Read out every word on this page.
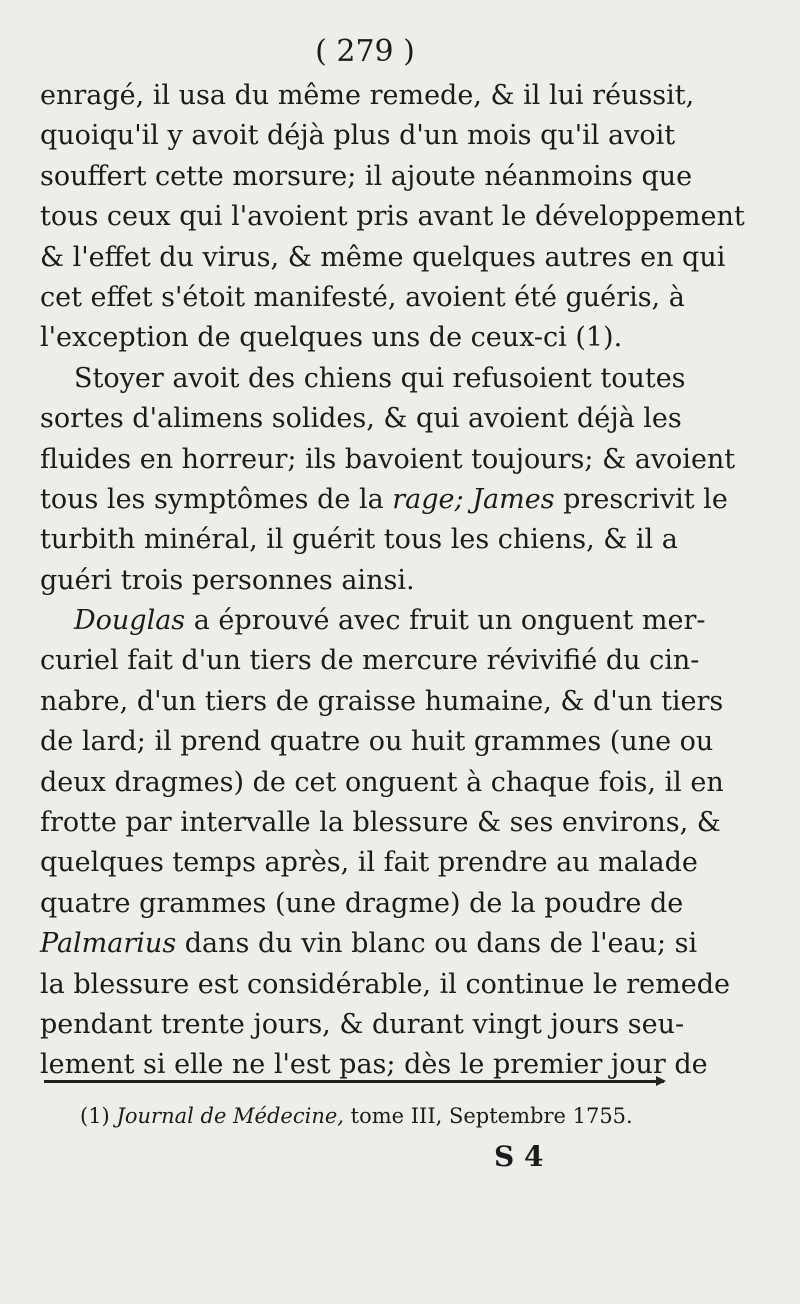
( 279 )
enragé, il usa du même remede, & il lui réussit,
quoiqu'il y avoit déjà plus d'un mois qu'il avoit
souffert cette morsure; il ajoute néanmoins que
tous ceux qui l'avoient pris avant le développement
& l'effet du virus, & même quelques autres en qui
cet effet s'étoit manifesté, avoient été guéris, à
l'exception de quelques uns de ceux-ci (1).
Stoyer avoit des chiens qui refusoient toutes
sortes d'alimens solides, & qui avoient déjà les
fluides en horreur; ils bavoient toujours; & avoient
tous les symptômes de la rage; James prescrivit le
turbith minéral, il guérit tous les chiens, & il a
guéri trois personnes ainsi.
Douglas a éprouvé avec fruit un onguent mer-
curiel fait d'un tiers de mercure révivifié du cin-
nabre, d'un tiers de graisse humaine, & d'un tiers
de lard; il prend quatre ou huit grammes (une ou
deux dragmes) de cet onguent à chaque fois, il en
frotte par intervalle la blessure & ses environs, &
quelques temps après, il fait prendre au malade
quatre grammes (une dragme) de la poudre de
Palmarius dans du vin blanc ou dans de l'eau; si
la blessure est considérable, il continue le remede
pendant trente jours, & durant vingt jours seu-
lement si elle ne l'est pas; dès le premier jour de
(1) Journal de Médecine, tome III, Septembre 1755.
S 4
